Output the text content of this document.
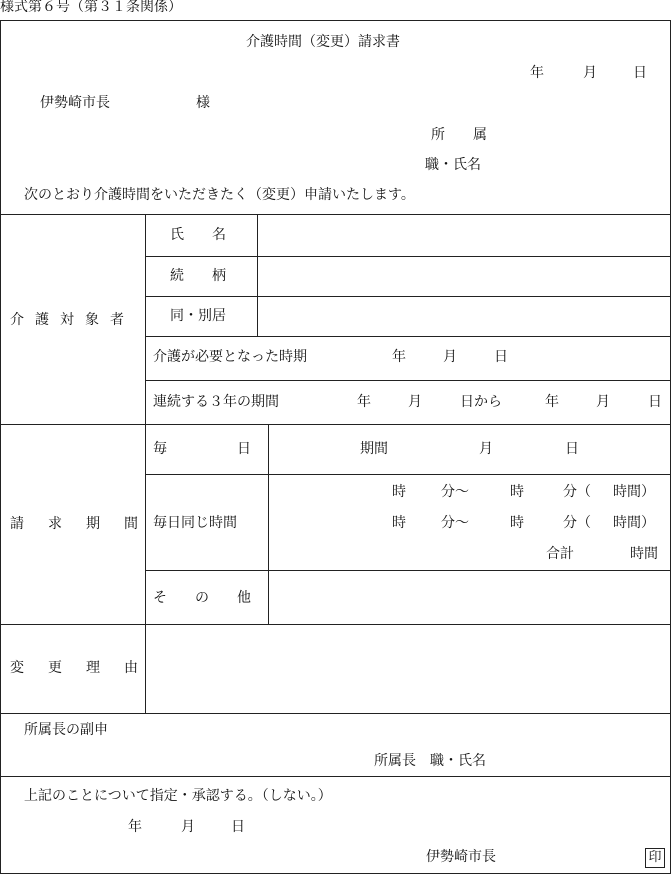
様式第６号（第３１条関係）
介護時間（変更）請求書
年	月	日
伊勢崎市長	様
所　　属
職・氏名
次のとおり介護時間をいただきたく（変更）申請いたします。
介護対象者
氏　　名
続　　柄
同・別居
介護が必要となった時期	年	月	日
連続する３年の期間	年	月	日から	年	月	日
請求期間
毎　　　　　日	期間	月	日
毎日同じ時間
時	分～	時	分（ 時間）
時	分～	時	分（ 時間）
合計	時間
そ　　の　　他
変更理由
所属長の副申
所属長　職・氏名
上記のことについて指定・承認する。（しない。）
年	月	日
伊勢崎市長	印
